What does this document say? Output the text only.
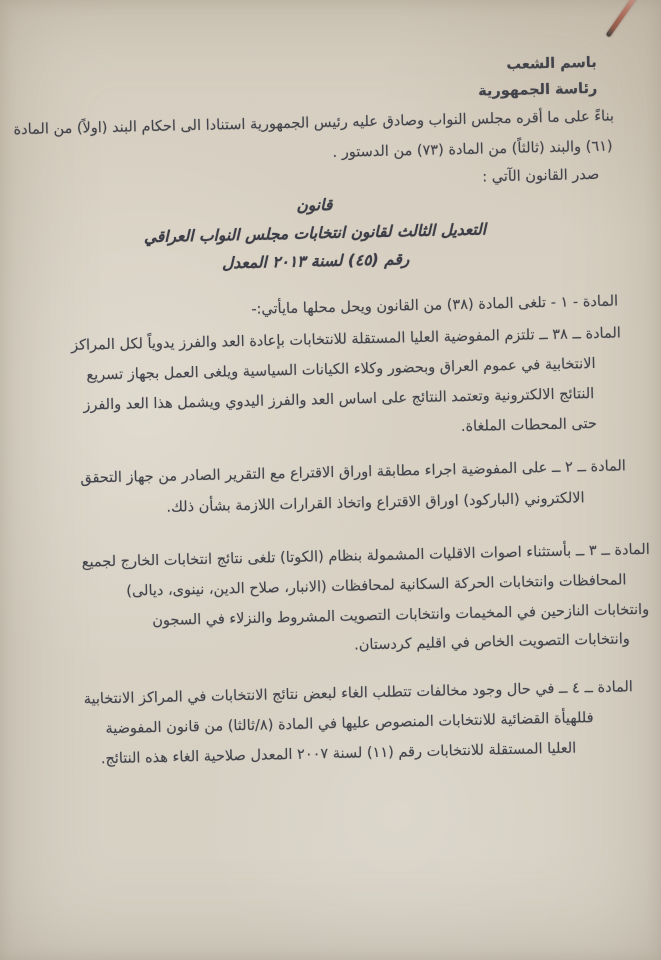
باسم الشعب
رئاسة الجمهورية
بناءً على ما أقره مجلس النواب وصادق عليه رئيس الجمهورية استنادا الى احكام البند (اولاً) من المادة
(٦١) والبند (ثالثاً) من المادة (٧٣) من الدستور .
صدر القانون الآتي :
قانون
التعديل الثالث لقانون انتخابات مجلس النواب العراقي
رقم (٤٥) لسنة ٢٠١٣ المعدل
المادة - ١ - تلغى المادة (٣٨) من القانون ويحل محلها مايأتي:-
المادة ــ ٣٨ ــ تلتزم المفوضية العليا المستقلة للانتخابات بإعادة العد والفرز يدوياً لكل المراكز
الانتخابية في عموم العراق وبحضور وكلاء الكيانات السياسية ويلغى العمل بجهاز تسريع
النتائج الالكترونية وتعتمد النتائج على اساس العد والفرز اليدوي ويشمل هذا العد والفرز
حتى المحطات الملغاة.
المادة ــ ٢ ــ على المفوضية اجراء مطابقة اوراق الاقتراع مع التقرير الصادر من جهاز التحقق
الالكتروني (الباركود) اوراق الاقتراع واتخاذ القرارات اللازمة بشأن ذلك.
المادة ــ ٣ ــ بأستثناء اصوات الاقليات المشمولة بنظام (الكوتا) تلغى نتائج انتخابات الخارج لجميع
المحافظات وانتخابات الحركة السكانية لمحافظات (الانبار، صلاح الدين، نينوى، ديالى)
وانتخابات النازحين في المخيمات وانتخابات التصويت المشروط والنزلاء في السجون
وانتخابات التصويت الخاص في اقليم كردستان.
المادة ــ ٤ ــ في حال وجود مخالفات تتطلب الغاء لبعض نتائج الانتخابات في المراكز الانتخابية
فللهيأة القضائية للانتخابات المنصوص عليها في المادة (٨/ثالثا) من قانون المفوضية
العليا المستقلة للانتخابات رقم (١١) لسنة ٢٠٠٧ المعدل صلاحية الغاء هذه النتائج.
